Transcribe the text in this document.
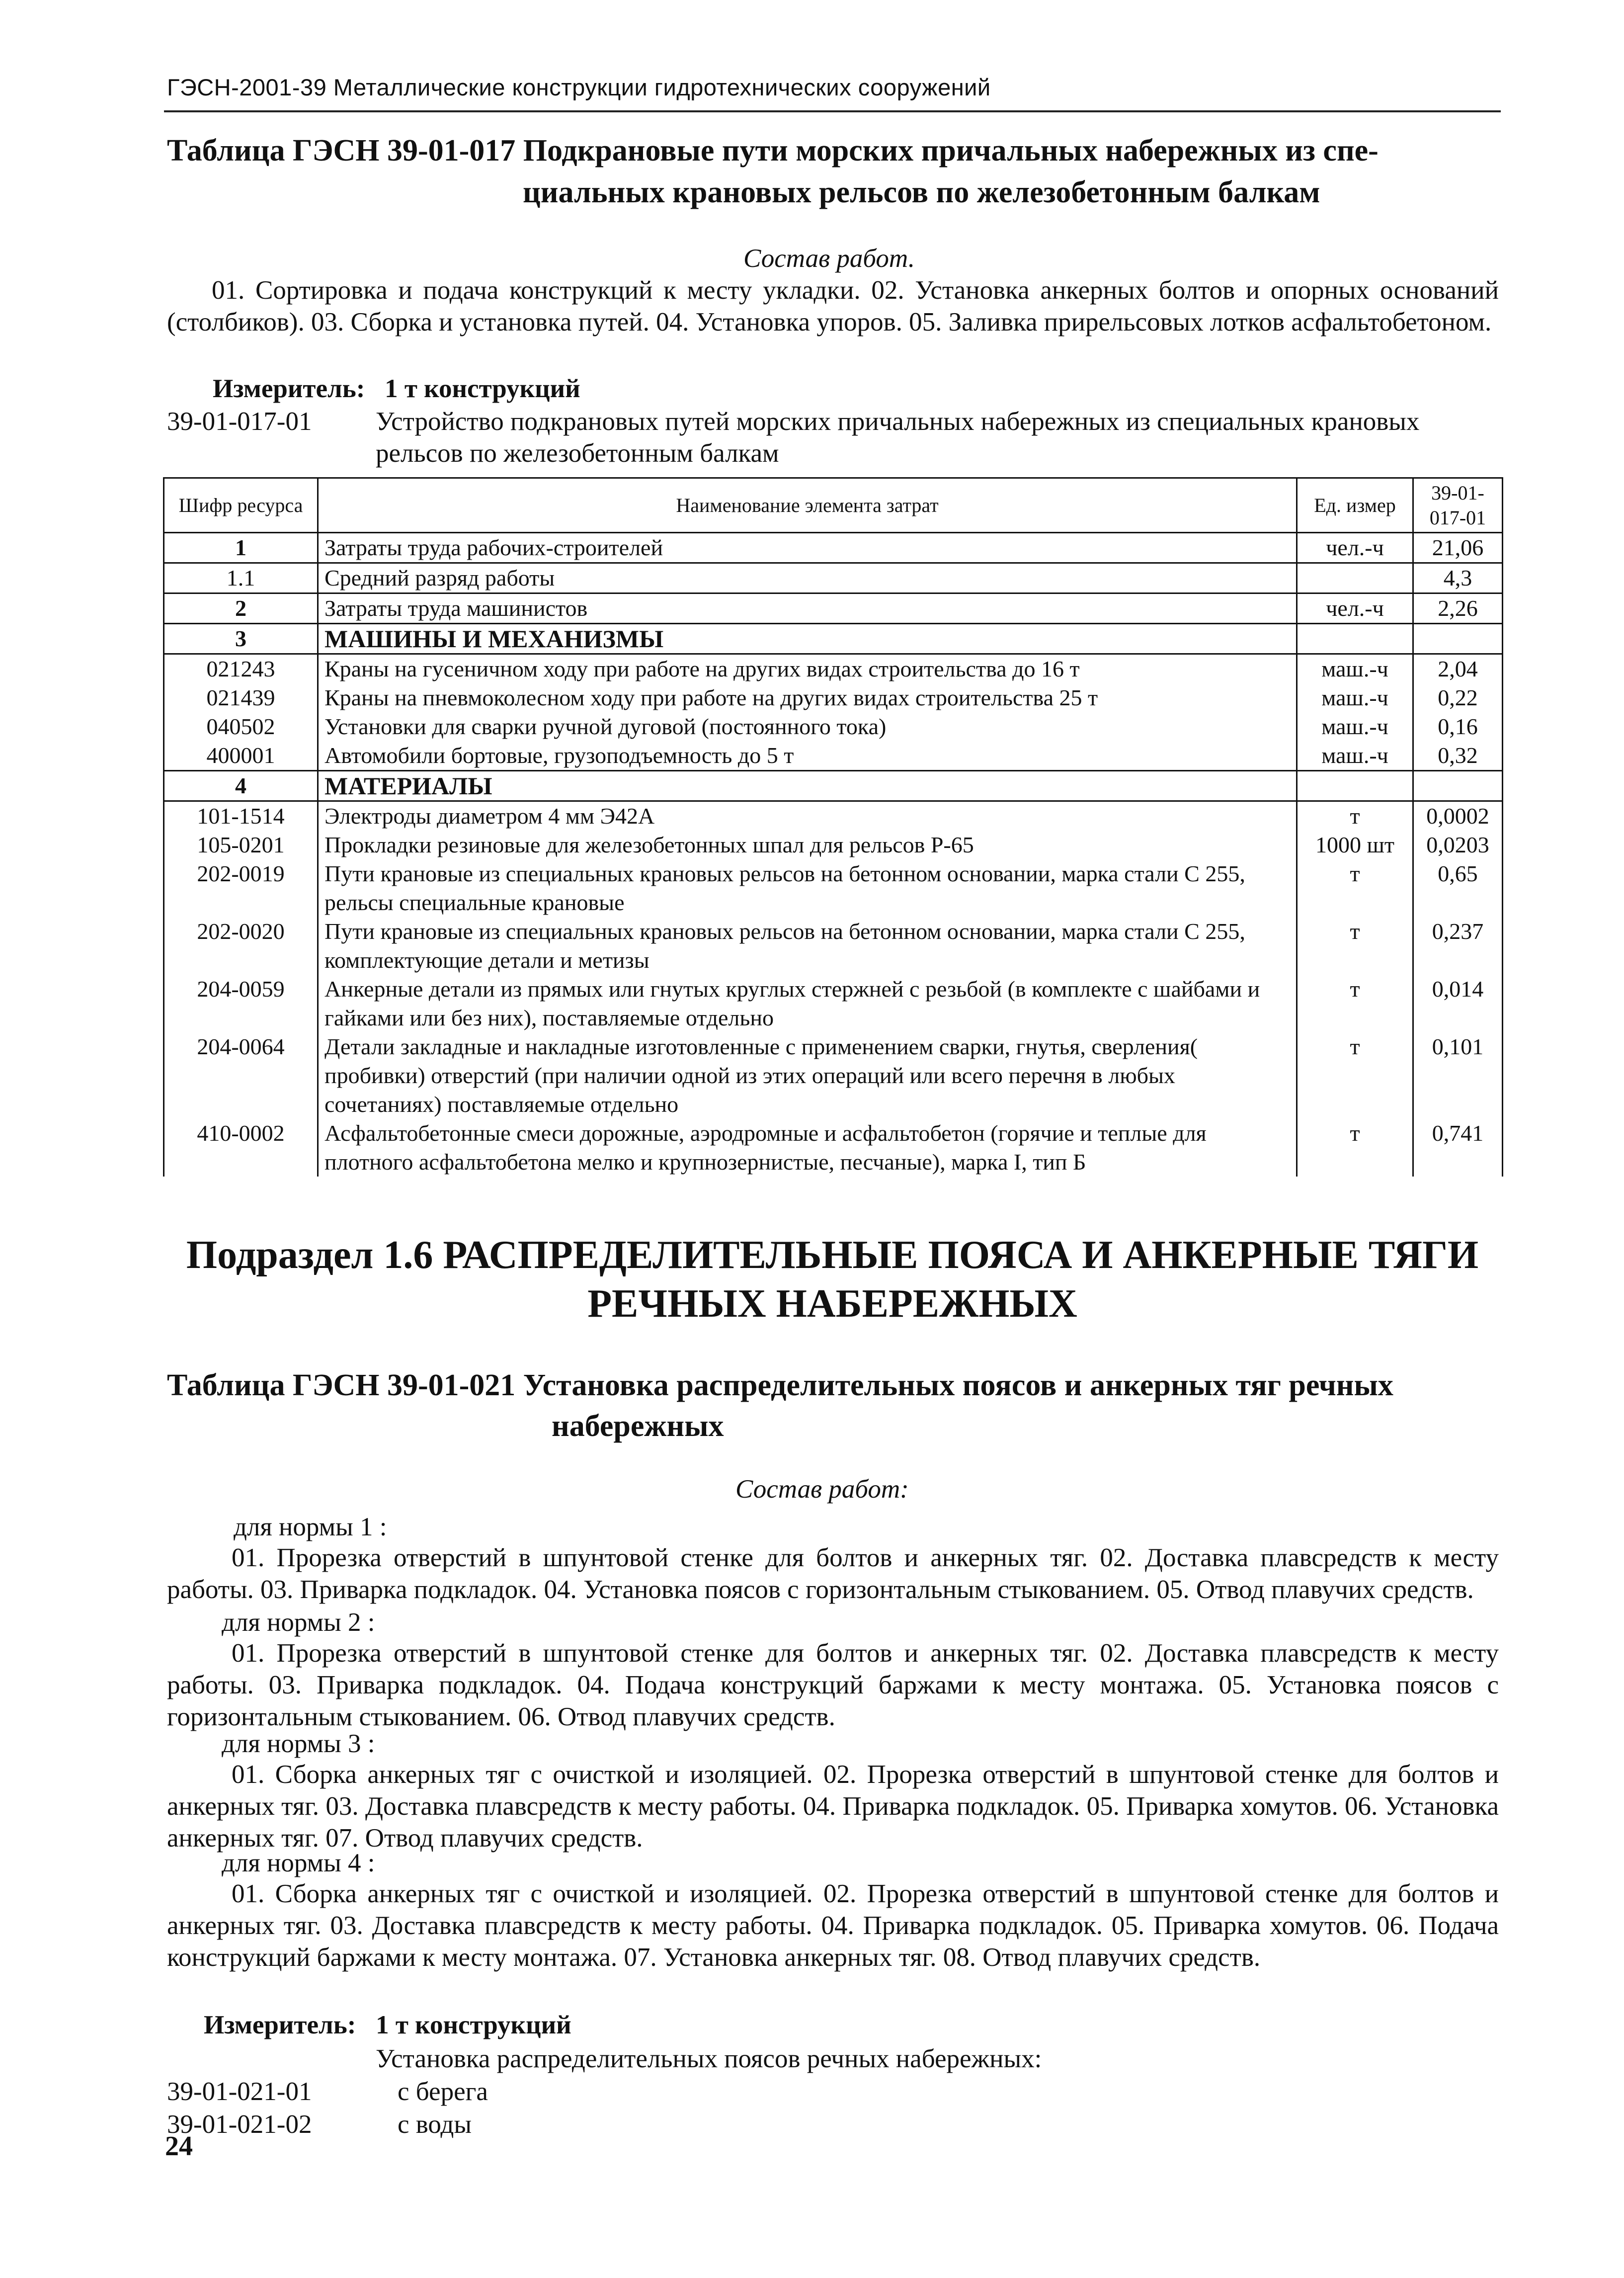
ГЭСН-2001-39 Металлические конструкции гидротехнических сооружений
Таблица ГЭСН 39-01-017 Подкрановые пути морских причальных набережных из спе-
циальных крановых рельсов по железобетонным балкам
Состав работ.
01. Сортировка и подача конструкций к месту укладки. 02. Установка анкерных болтов и опорных оснований (столбиков). 03. Сборка и установка путей. 04. Установка упоров. 05. Заливка прирельсовых лотков асфальтобетоном.
Измеритель: 1 т конструкций
39-01-017-01 Устройство подкрановых путей морских причальных набережных из специальных крановых
рельсов по железобетонным балкам
Шифр ресурса	Наименование элемента затрат	Ед. измер	39-01-017-01
1	Затраты труда рабочих-строителей	чел.-ч	21,06
1.1	Средний разряд работы		4,3
2	Затраты труда машинистов	чел.-ч	2,26
3	МАШИНЫ И МЕХАНИЗМЫ		
021243	Краны на гусеничном ходу при работе на других видах строительства до 16 т	маш.-ч	2,04
021439	Краны на пневмоколесном ходу при работе на других видах строительства 25 т	маш.-ч	0,22
040502	Установки для сварки ручной дуговой (постоянного тока)	маш.-ч	0,16
400001	Автомобили бортовые, грузоподъемность до 5 т	маш.-ч	0,32
4	МАТЕРИАЛЫ		
101-1514	Электроды диаметром 4 мм Э42А	т	0,0002
105-0201	Прокладки резиновые для железобетонных шпал для рельсов Р-65	1000 шт	0,0203
202-0019	Пути крановые из специальных крановых рельсов на бетонном основании, марка стали С 255, рельсы специальные крановые	т	0,65
202-0020	Пути крановые из специальных крановых рельсов на бетонном основании, марка стали С 255, комплектующие детали и метизы	т	0,237
204-0059	Анкерные детали из прямых или гнутых круглых стержней с резьбой (в комплекте с шайбами и гайками или без них), поставляемые отдельно	т	0,014
204-0064	Детали закладные и накладные изготовленные с применением сварки, гнутья, сверления( пробивки) отверстий (при наличии одной из этих операций или всего перечня в любых сочетаниях) поставляемые отдельно	т	0,101
410-0002	Асфальтобетонные смеси дорожные, аэродромные и асфальтобетон (горячие и теплые для плотного асфальтобетона мелко и крупнозернистые, песчаные), марка I, тип Б	т	0,741
Подраздел 1.6 РАСПРЕДЕЛИТЕЛЬНЫЕ ПОЯСА И АНКЕРНЫЕ ТЯГИ
РЕЧНЫХ НАБЕРЕЖНЫХ
Таблица ГЭСН 39-01-021 Установка распределительных поясов и анкерных тяг речных
набережных
Состав работ:
для нормы 1 :
01. Прорезка отверстий в шпунтовой стенке для болтов и анкерных тяг. 02. Доставка плавсредств к месту работы. 03. Приварка подкладок. 04. Установка поясов с горизонтальным стыкованием. 05. Отвод плавучих средств.
для нормы 2 :
01. Прорезка отверстий в шпунтовой стенке для болтов и анкерных тяг. 02. Доставка плавсредств к месту работы. 03. Приварка подкладок. 04. Подача конструкций баржами к месту монтажа. 05. Установка поясов с горизонтальным стыкованием. 06. Отвод плавучих средств.
для нормы 3 :
01. Сборка анкерных тяг с очисткой и изоляцией. 02. Прорезка отверстий в шпунтовой стенке для болтов и анкерных тяг. 03. Доставка плавсредств к месту работы. 04. Приварка подкладок. 05. Приварка хомутов. 06. Установка анкерных тяг. 07. Отвод плавучих средств.
для нормы 4 :
01. Сборка анкерных тяг с очисткой и изоляцией. 02. Прорезка отверстий в шпунтовой стенке для болтов и анкерных тяг. 03. Доставка плавсредств к месту работы. 04. Приварка подкладок. 05. Приварка хомутов. 06. Подача конструкций баржами к месту монтажа. 07. Установка анкерных тяг. 08. Отвод плавучих средств.
Измеритель: 1 т конструкций
Установка распределительных поясов речных набережных:
39-01-021-01	с берега
39-01-021-02	с воды
24
